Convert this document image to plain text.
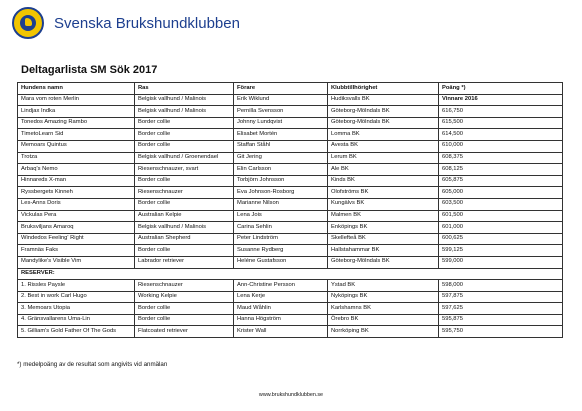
Svenska Brukshundklubben
Deltagarlista SM Sök 2017
Hundens namn	Ras	Förare	Klubbtillhörighet	Poäng *)
Mara vom roten Merlin	Belgisk vallhund / Malinois	Erik Wiklund	Hudiksvalls BK	Vinnare 2016
Lindjax Indka	Belgisk vallhund / Malinois	Pernilla Svensson	Göteborg-Mölndals BK	616,750
Tonedos Amazing Rambo	Border collie	Johnny Lundqvist	Göteborg-Mölndals BK	615,500
TimetoLearn Sid	Border collie	Elisabet Mortén	Lomma BK	614,500
Memoars Quintus	Border collie	Staffan Ståhl	Avesta BK	610,000
Trotza	Belgisk vallhund / Groenendael	Git Jering	Lerum BK	608,375
Arbaq's Nemo	Riesenschnauzer, svart	Elin Carlsson	Ale BK	608,125
Hinnareds X-man	Border collie	Torbjörn Johnsson	Kinds BK	605,875
Ryssbergets Kinneh	Riesenschnauzer	Eva Johnson-Rosborg	Olofströms BK	605,000
Les-Anns Doris	Border collie	Marianne Nilson	Kungälvs BK	603,500
Vickulas Pera	Australian Kelpie	Lena Jois	Malmen BK	601,500
Bruksviljans Amaroq	Belgisk vallhund / Malinois	Carina Sehlin	Enköpings BK	601,000
Windedos Feeling' Right	Australian Shepherd	Peter Lindström	Skellefteå BK	600,625
Framnäs Faks	Border collie	Susanne Rydberg	Hallstahammar BK	599,125
Mandylike's Visible Vim	Labrador retriever	Heléne Gustafsson	Göteborg-Mölndals BK	599,000
RESERVER:				
1. Rissles Paysle	Riesenschnauzer	Ann-Christine Persson	Ystad BK	598,000
2. Best in work Carl Hugo	Working Kelpie	Lena Kerje	Nyköpings BK	597,875
3. Memoars Utopia	Border collie	Maud Wåhlin	Karlshamns BK	597,625
4. Gränsvallarens Uma-Lin	Border collie	Hanna Högström	Örebro BK	595,875
5. Gilliam's Gold Father Of The Gods	Flatcoated retriever	Krister Wall	Norrköping BK	595,750
*) medelpoäng av de resultat som angivits vid anmälan
www.brukshundklubben.se
